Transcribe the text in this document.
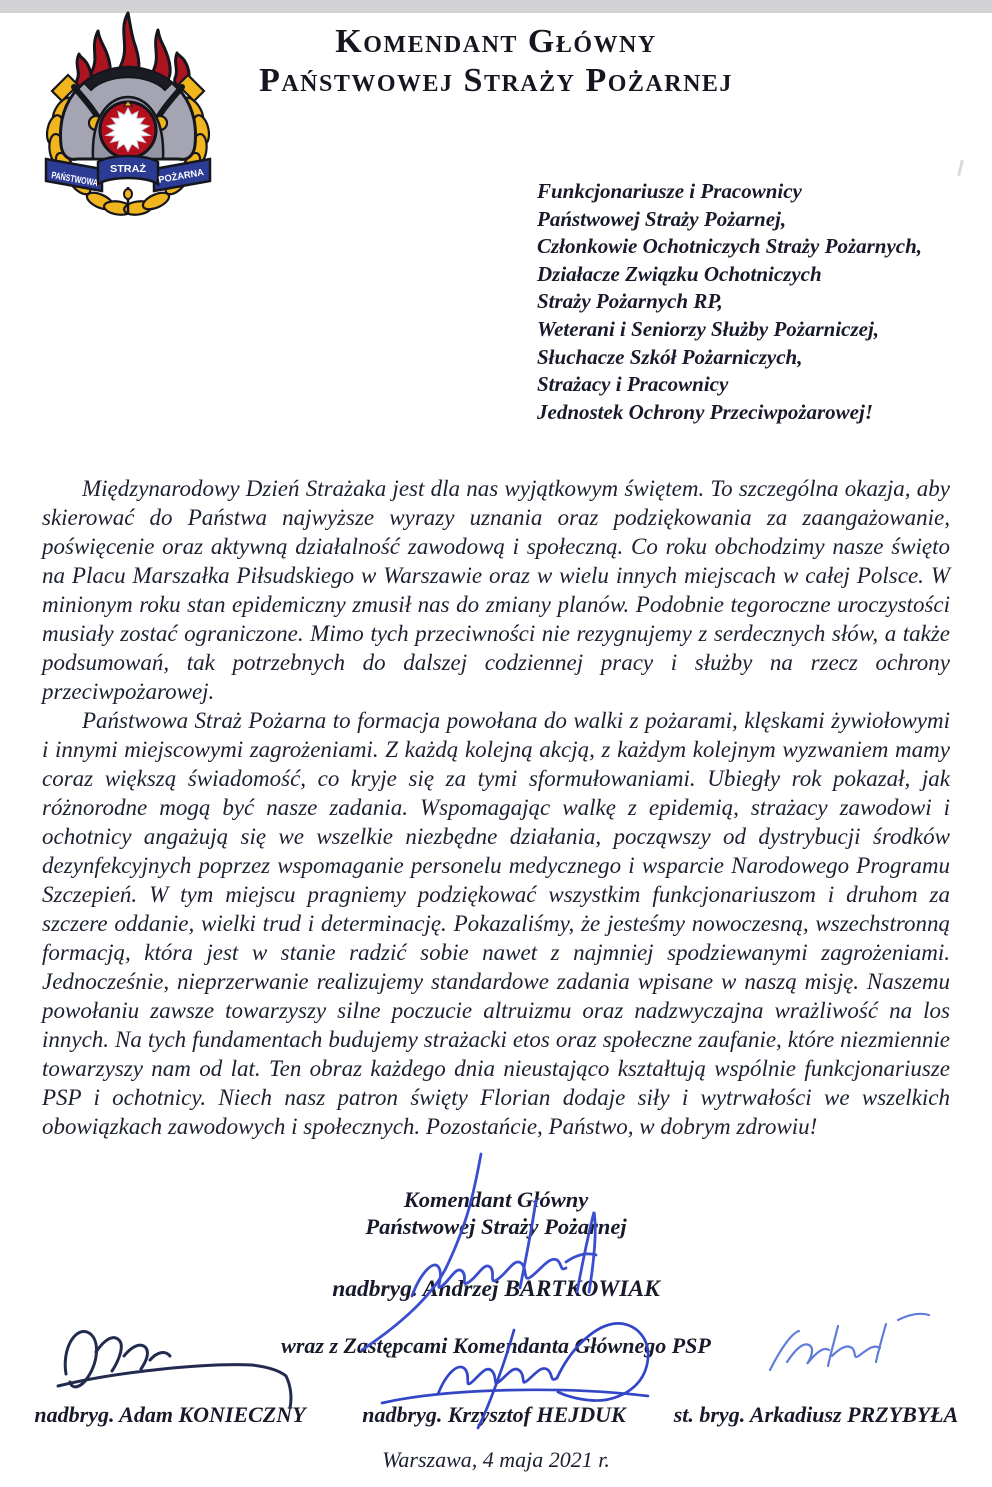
PAŃSTWOWA
STRAŻ POŻARNA
Komendant Główny
Państwowej Straży Pożarnej
Funkcjonariusze i Pracownicy
Państwowej Straży Pożarnej,
Członkowie Ochotniczych Straży Pożarnych,
Działacze Związku Ochotniczych
Straży Pożarnych RP,
Weterani i Seniorzy Służby Pożarniczej,
Słuchacze Szkół Pożarniczych,
Strażacy i Pracownicy
Jednostek Ochrony Przeciwpożarowej!

Międzynarodowy Dzień Strażaka jest dla nas wyjątkowym świętem. To szczególna okazja, aby skierować do Państwa najwyższe wyrazy uznania oraz podziękowania za zaangażowanie, poświęcenie oraz aktywną działalność zawodową i społeczną. Co roku obchodzimy nasze święto na Placu Marszałka Piłsudskiego w Warszawie oraz w wielu innych miejscach w całej Polsce. W minionym roku stan epidemiczny zmusił nas do zmiany planów. Podobnie tegoroczne uroczystości musiały zostać ograniczone. Mimo tych przeciwności nie rezygnujemy z serdecznych słów, a także podsumowań, tak potrzebnych do dalszej codziennej pracy i służby na rzecz ochrony przeciwpożarowej.

Państwowa Straż Pożarna to formacja powołana do walki z pożarami, klęskami żywiołowymi i innymi miejscowymi zagrożeniami. Z każdą kolejną akcją, z każdym kolejnym wyzwaniem mamy coraz większą świadomość, co kryje się za tymi sformułowaniami. Ubiegły rok pokazał, jak różnorodne mogą być nasze zadania. Wspomagając walkę z epidemią, strażacy zawodowi i ochotnicy angażują się we wszelkie niezbędne działania, począwszy od dystrybucji środków dezynfekcyjnych poprzez wspomaganie personelu medycznego i wsparcie Narodowego Programu Szczepień. W tym miejscu pragniemy podziękować wszystkim funkcjonariuszom i druhom za szczere oddanie, wielki trud i determinację. Pokazaliśmy, że jesteśmy nowoczesną, wszechstronną formacją, która jest w stanie radzić sobie nawet z najmniej spodziewanymi zagrożeniami. Jednocześnie, nieprzerwanie realizujemy standardowe zadania wpisane w naszą misję. Naszemu powołaniu zawsze towarzyszy silne poczucie altruizmu oraz nadzwyczajna wrażliwość na los innych. Na tych fundamentach budujemy strażacki etos oraz społeczne zaufanie, które niezmiennie towarzyszy nam od lat. Ten obraz każdego dnia nieustająco kształtują wspólnie funkcjonariusze PSP i ochotnicy. Niech nasz patron święty Florian dodaje siły i wytrwałości we wszelkich obowiązkach zawodowych i społecznych. Pozostańcie, Państwo, w dobrym zdrowiu!

Komendant Główny
Państwowej Straży Pożarnej
nadbryg. Andrzej BARTKOWIAK
wraz z Zastępcami Komendanta Głównego PSP
nadbryg. Adam KONIECZNY	nadbryg. Krzysztof HEJDUK	st. bryg. Arkadiusz PRZYBYŁA
Warszawa, 4 maja 2021 r.
